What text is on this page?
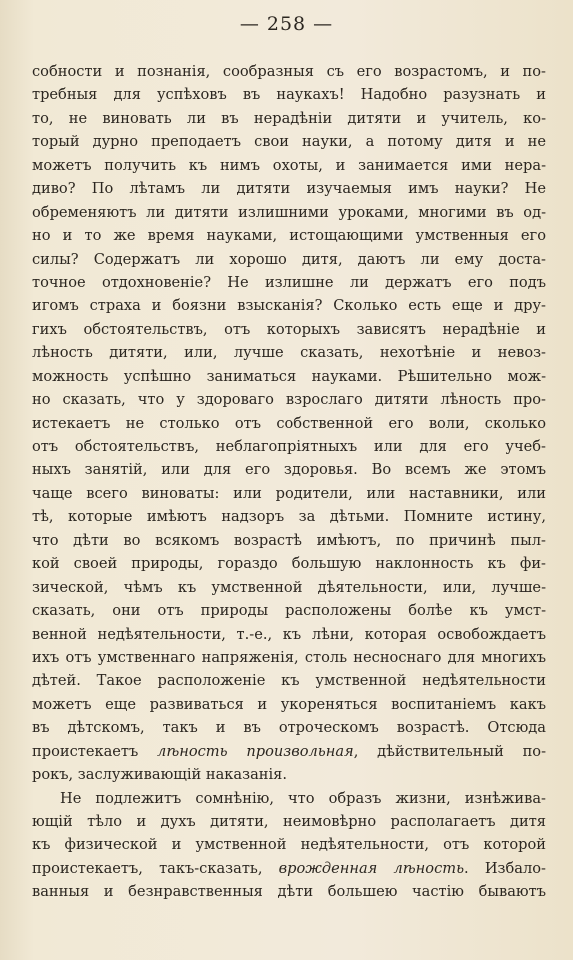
— 258 —
собности и познанія, сообразныя съ его возрастомъ, и по-
требныя для успѣховъ въ наукахъ! Надобно разузнать и
то, не виновать ли въ нерадѣніи дитяти и учитель, ко-
торый дурно преподаетъ свои науки, а потому дитя и не
можетъ получить къ нимъ охоты, и занимается ими нера-
диво? По лѣтамъ ли дитяти изучаемыя имъ науки? Не
обременяютъ ли дитяти излишними уроками, многими въ од-
но и то же время науками, истощающими умственныя его
силы? Содержатъ ли хорошо дитя, даютъ ли ему доста-
точное отдохновеніе? Не излишне ли держатъ его подъ
игомъ страха и боязни взысканія? Сколько есть еще и дру-
гихъ обстоятельствъ, отъ которыхъ зависятъ нерадѣніе и
лѣность дитяти, или, лучше сказать, нехотѣніе и невоз-
можность успѣшно заниматься науками. Рѣшительно мож-
но сказать, что у здороваго взрослаго дитяти лѣность про-
истекаетъ не столько отъ собственной его воли, сколько
отъ обстоятельствъ, неблагопріятныхъ или для его учеб-
ныхъ занятій, или для его здоровья. Во всемъ же этомъ
чаще всего виноваты: или родители, или наставники, или
тѣ, которые имѣютъ надзоръ за дѣтьми. Помните истину,
что дѣти во всякомъ возрастѣ имѣютъ, по причинѣ пыл-
кой своей природы, гораздо большую наклонность къ фи-
зической, чѣмъ къ умственной дѣятельности, или, лучше-
сказать, они отъ природы расположены болѣе къ умст-
венной недѣятельности, т.-е., къ лѣни, которая освобождаетъ
ихъ отъ умственнаго напряженія, столь несноснаго для многихъ
дѣтей. Такое расположеніе къ умственной недѣятельности
можетъ еще развиваться и укореняться воспитаніемъ какъ
въ дѣтскомъ, такъ и въ отроческомъ возрастѣ. Отсюда
проистекаетъ лѣность произвольная, дѣйствительный по-
рокъ, заслуживающій наказанія.
Не подлежитъ сомнѣнію, что образъ жизни, изнѣжива-
ющій тѣло и духъ дитяти, неимовѣрно располагаетъ дитя
къ физической и умственной недѣятельности, отъ которой
проистекаетъ, такъ-сказать, врожденная лѣность. Избало-
ванныя и безнравственныя дѣти большею частію бываютъ
